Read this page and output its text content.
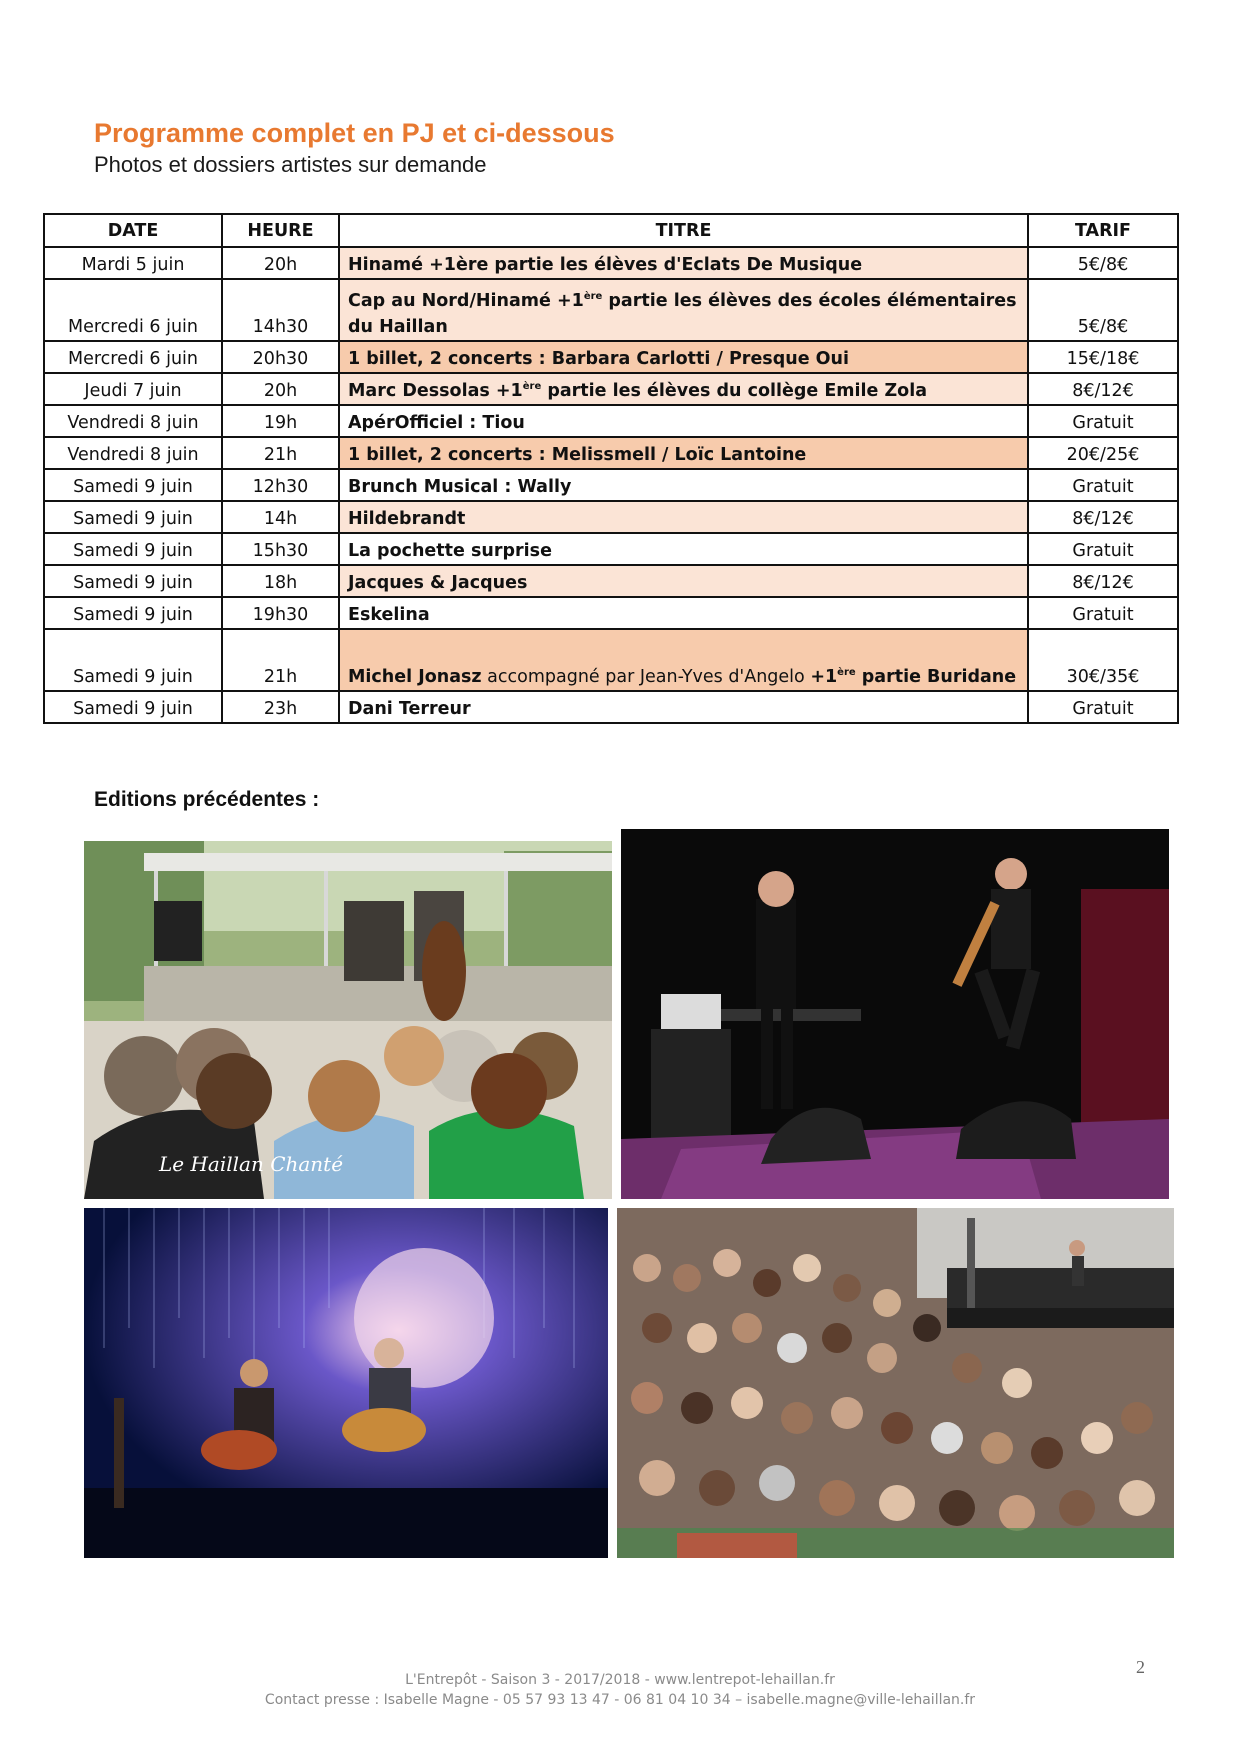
Programme complet en PJ et ci-dessous

Photos et dossiers artistes sur demande

DATE	HEURE	TITRE	TARIF
Mardi 5 juin	20h	Hinamé +1ère partie les élèves d'Eclats De Musique	5€/8€
Mercredi 6 juin	14h30	Cap au Nord/Hinamé +1ère partie les élèves des écoles élémentaires du Haillan	5€/8€
Mercredi 6 juin	20h30	1 billet, 2 concerts : Barbara Carlotti / Presque Oui	15€/18€
Jeudi 7 juin	20h	Marc Dessolas +1ère partie les élèves du collège Emile Zola	8€/12€
Vendredi 8 juin	19h	ApérOfficiel : Tiou	Gratuit
Vendredi 8 juin	21h	1 billet, 2 concerts : Melissmell / Loïc Lantoine	20€/25€
Samedi 9 juin	12h30	Brunch Musical : Wally	Gratuit
Samedi 9 juin	14h	Hildebrandt	8€/12€
Samedi 9 juin	15h30	La pochette surprise	Gratuit
Samedi 9 juin	18h	Jacques & Jacques	8€/12€
Samedi 9 juin	19h30	Eskelina	Gratuit
Samedi 9 juin	21h	Michel Jonasz accompagné par Jean-Yves d'Angelo +1ère partie Buridane	30€/35€
Samedi 9 juin	23h	Dani Terreur	Gratuit
Editions précédentes :
Le Haillan Chanté
2
L'Entrepôt - Saison 3 - 2017/2018 - www.lentrepot-lehaillan.fr
Contact presse : Isabelle Magne - 05 57 93 13 47 - 06 81 04 10 34 – isabelle.magne@ville-lehaillan.fr
